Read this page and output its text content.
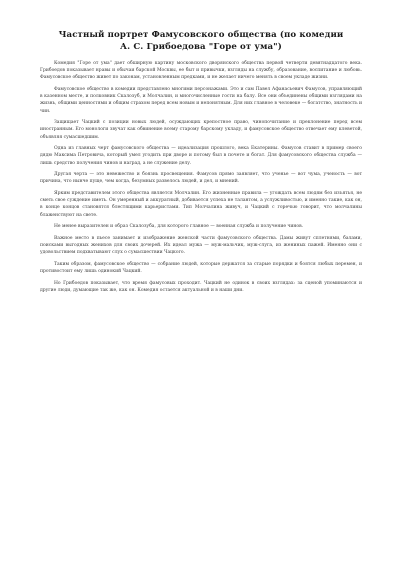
Частный портрет Фамусовского общества (по комедии
А. С. Грибоедова "Горе от ума")

Комедия "Горе от ума" дает обширную картину московского дворянского общества первой четверти девятнадцатого века. Грибоедов показывает нравы и обычаи барской Москвы, ее быт и привычки, взгляды на службу, образование, воспитание и любовь. Фамусовское общество живет по законам, установленным предками, и не желает ничего менять в своем укладе жизни.

Фамусовское общество в комедии представлено многими персонажами. Это и сам Павел Афанасьевич Фамусов, управляющий в казенном месте, и полковник Скалозуб, и Молчалин, и многочисленные гости на балу. Все они объединены общими взглядами на жизнь, общими ценностями и общим страхом перед всем новым и непонятным. Для них главное в человеке — богатство, знатность и чин.

Защищает Чацкий с позиции новых людей, осуждающих крепостное право, чинопочитание и преклонение перед всем иностранным. Его монологи звучат как обвинение всему старому барскому укладу, и фамусовское общество отвечает ему клеветой, объявляя сумасшедшим.

Одна из главных черт фамусовского общества — идеализация прошлого, века Екатерины. Фамусов ставит в пример своего дядю Максима Петровича, который умел угодить при дворе и потому был в почете и богат. Для фамусовского общества служба — лишь средство получения чинов и наград, а не служение делу.

Другая черта — это невежество и боязнь просвещения. Фамусов прямо заявляет, что ученье — вот чума, ученость — вот причина, что нынче пуще, чем когда, безумных развелось людей, и дел, и мнений.

Ярким представителем этого общества является Молчалин. Его жизненные правила — угождать всем людям без изъятья, не сметь свое суждение иметь. Он умеренный и аккуратный, добивается успеха не талантом, а услужливостью, и именно такие, как он, в конце концов становятся блестящими карьеристами. Тип Молчалина живуч, и Чацкий с горечью говорит, что молчалины блаженствуют на свете.

Не менее выразителен и образ Скалозуба, для которого главное — военная служба и получение чинов.

Важное место в пьесе занимает и изображение женской части фамусовского общества. Дамы живут сплетнями, балами, поисками выгодных женихов для своих дочерей. Их идеал мужа — муж-мальчик, муж-слуга, из жениных пажей. Именно они с удовольствием подхватывают слух о сумасшествии Чацкого.

Таким образом, фамусовское общество — собрание людей, которые держатся за старые порядки и боятся любых перемен, и противостоит ему лишь одинокий Чацкий.

Но Грибоедов показывает, что время фамусовых проходит. Чацкий не одинок в своих взглядах: за сценой упоминаются и другие люди, думающие так же, как он. Комедия остается актуальной и в наши дни.
